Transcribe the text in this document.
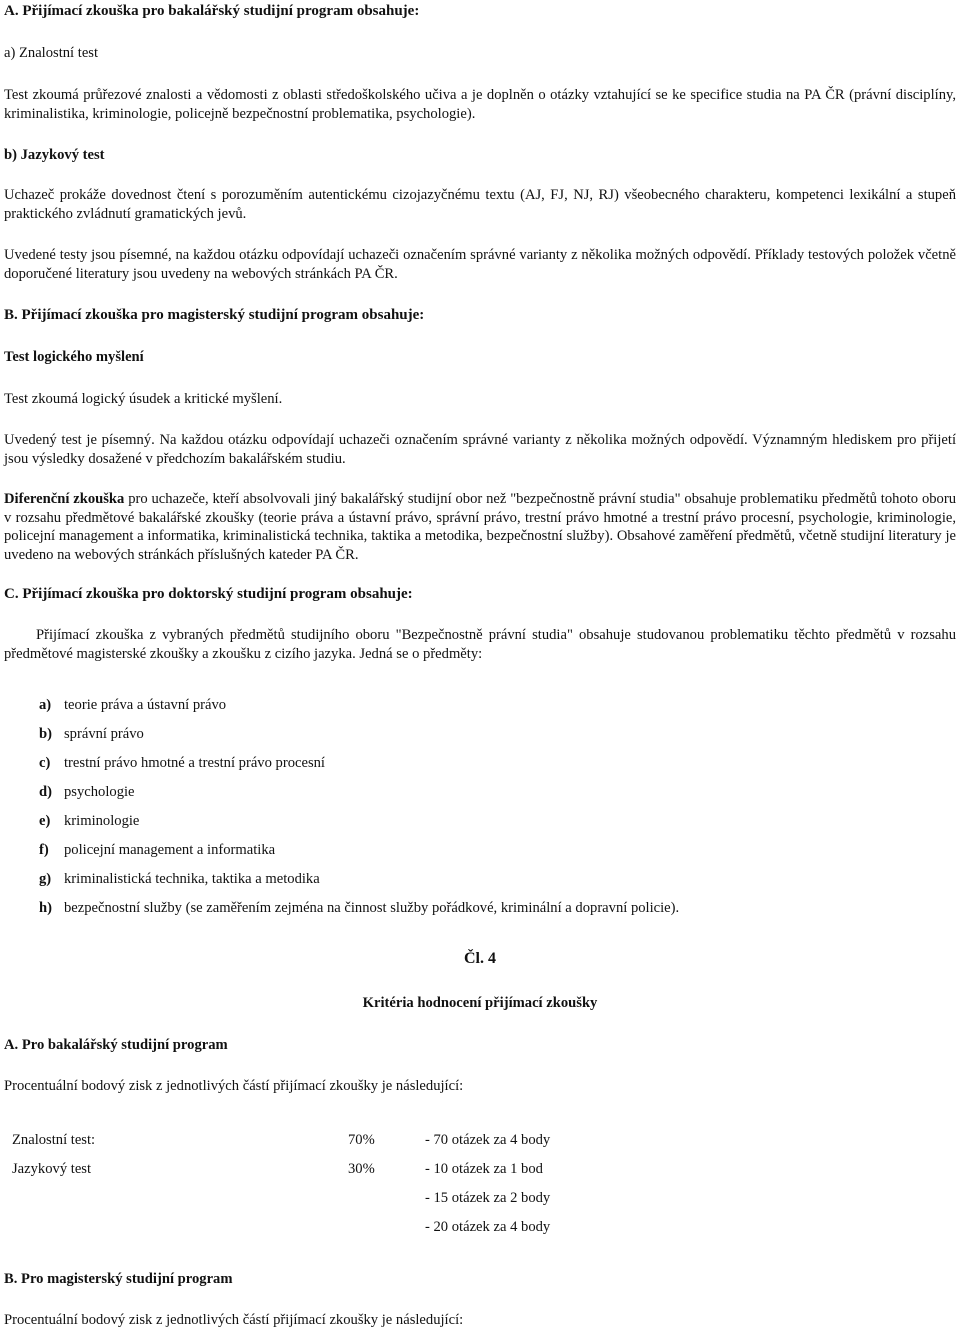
A. Přijímací zkouška pro bakalářský studijní program obsahuje:

a) Znalostní test

Test zkoumá průřezové znalosti a vědomosti z oblasti středoškolského učiva a je doplněn o otázky vztahující se ke specifice studia na PA ČR (právní disciplíny, kriminalistika, kriminologie, policejně bezpečnostní problematika, psychologie).

b) Jazykový test

Uchazeč prokáže dovednost čtení s porozuměním autentickému cizojazyčnému textu (AJ, FJ, NJ, RJ) všeobecného charakteru, kompetenci lexikální a stupeň praktického zvládnutí gramatických jevů.

Uvedené testy jsou písemné, na každou otázku odpovídají uchazeči označením správné varianty z několika možných odpovědí. Příklady testových položek včetně doporučené literatury jsou uvedeny na webových stránkách PA ČR.

B. Přijímací zkouška pro magisterský studijní program obsahuje:

Test logického myšlení

Test zkoumá logický úsudek a kritické myšlení.

Uvedený test je písemný. Na každou otázku odpovídají uchazeči označením správné varianty z několika možných odpovědí. Významným hlediskem pro přijetí jsou výsledky dosažené v předchozím bakalářském studiu.

Diferenční zkouška pro uchazeče, kteří absolvovali jiný bakalářský studijní obor než "bezpečnostně právní studia" obsahuje problematiku předmětů tohoto oboru v rozsahu předmětové bakalářské zkoušky (teorie práva a ústavní právo, správní právo, trestní právo hmotné a trestní právo procesní, psychologie, kriminologie, policejní management a informatika, kriminalistická technika, taktika a metodika, bezpečnostní služby). Obsahové zaměření předmětů, včetně studijní literatury je uvedeno na webových stránkách příslušných kateder PA ČR.

C. Přijímací zkouška pro doktorský studijní program obsahuje:

Přijímací zkouška z vybraných předmětů studijního oboru "Bezpečnostně právní studia" obsahuje studovanou problematiku těchto předmětů v rozsahu předmětové magisterské zkoušky a zkoušku z cizího jazyka. Jedná se o předměty:

a) teorie práva a ústavní právo
b) správní právo
c) trestní právo hmotné a trestní právo procesní
d) psychologie
e) kriminologie
f) policejní management a informatika
g) kriminalistická technika, taktika a metodika
h) bezpečnostní služby (se zaměřením zejména na činnost služby pořádkové, kriminální a dopravní policie).

Čl. 4

Kritéria hodnocení přijímací zkoušky

A. Pro bakalářský studijní program

Procentuální bodový zisk z jednotlivých částí přijímací zkoušky je následující:

Znalostní test:	70%	- 70 otázek za 4 body
Jazykový test	30%	- 10 otázek za 1 bod
- 15 otázek za 2 body
- 20 otázek za 4 body

B. Pro magisterský studijní program

Procentuální bodový zisk z jednotlivých částí přijímací zkoušky je následující:
